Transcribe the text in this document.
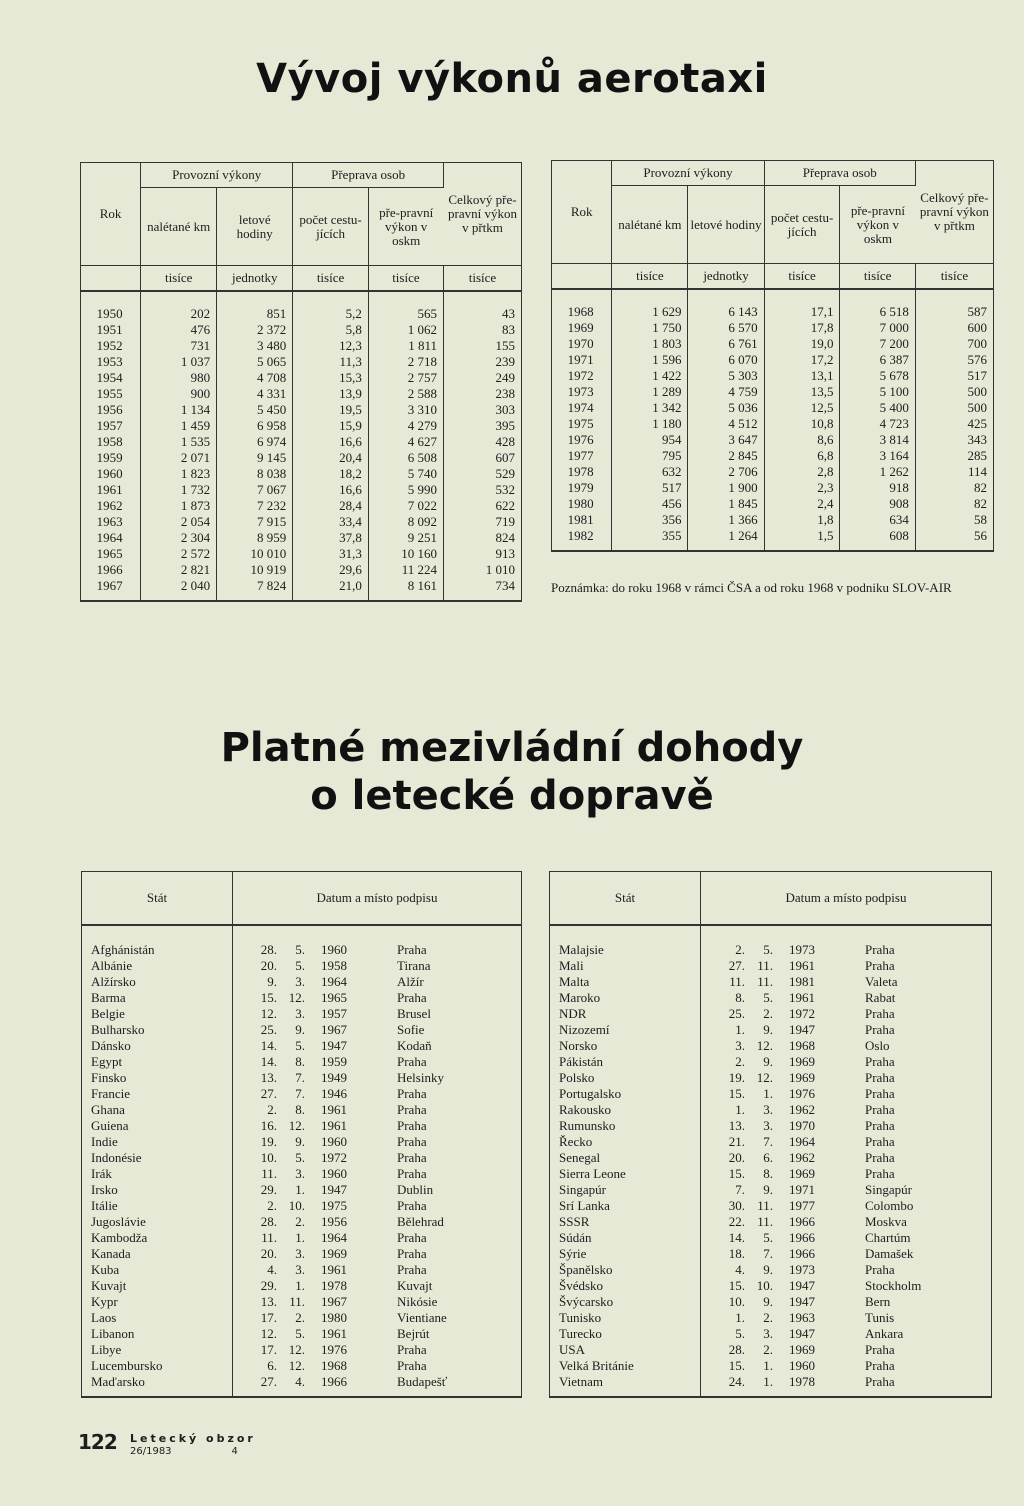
Vývoj výkonů aerotaxi
Rok	Provozní výkony		Přeprava osob		Celkový pře-pravní výkon v přtkm
	nalétané km	letové hodiny	počet cestu-jících	pře-pravní výkon v oskm	
	tisíce	jednotky	tisíce	tisíce	tisíce

1950	202	851	5,2	565	43
1951	476	2 372	5,8	1 062	83
1952	731	3 480	12,3	1 811	155
1953	1 037	5 065	11,3	2 718	239
1954	980	4 708	15,3	2 757	249
1955	900	4 331	13,9	2 588	238
1956	1 134	5 450	19,5	3 310	303
1957	1 459	6 958	15,9	4 279	395
1958	1 535	6 974	16,6	4 627	428
1959	2 071	9 145	20,4	6 508	607
1960	1 823	8 038	18,2	5 740	529
1961	1 732	7 067	16,6	5 990	532
1962	1 873	7 232	28,4	7 022	622
1963	2 054	7 915	33,4	8 092	719
1964	2 304	8 959	37,8	9 251	824
1965	2 572	10 010	31,3	10 160	913
1966	2 821	10 919	29,6	11 224	1 010
1967	2 040	7 824	21,0	8 161	734

Rok	Provozní výkony		Přeprava osob		Celkový pře-pravní výkon v přtkm
	nalétané km	letové hodiny	počet cestu-jících	pře-pravní výkon v oskm	
	tisíce	jednotky	tisíce	tisíce	tisíce

1968	1 629	6 143	17,1	6 518	587
1969	1 750	6 570	17,8	7 000	600
1970	1 803	6 761	19,0	7 200	700
1971	1 596	6 070	17,2	6 387	576
1972	1 422	5 303	13,1	5 678	517
1973	1 289	4 759	13,5	5 100	500
1974	1 342	5 036	12,5	5 400	500
1975	1 180	4 512	10,8	4 723	425
1976	954	3 647	8,6	3 814	343
1977	795	2 845	6,8	3 164	285
1978	632	2 706	2,8	1 262	114
1979	517	1 900	2,3	918	82
1980	456	1 845	2,4	908	82
1981	356	1 366	1,8	634	58
1982	355	1 264	1,5	608	56

Poznámka: do roku 1968 v rámci ČSA a od roku 1968 v podniku SLOV-AIR
Platné mezivládní dohody
o letecké dopravě
Stát	Datum a místo podpisu			

Afghánistán	28.	5.	1960	Praha
Albánie	20.	5.	1958	Tirana
Alžírsko	9.	3.	1964	Alžír
Barma	15.	12.	1965	Praha
Belgie	12.	3.	1957	Brusel
Bulharsko	25.	9.	1967	Sofie
Dánsko	14.	5.	1947	Kodaň
Egypt	14.	8.	1959	Praha
Finsko	13.	7.	1949	Helsinky
Francie	27.	7.	1946	Praha
Ghana	2.	8.	1961	Praha
Guiena	16.	12.	1961	Praha
Indie	19.	9.	1960	Praha
Indonésie	10.	5.	1972	Praha
Irák	11.	3.	1960	Praha
Irsko	29.	1.	1947	Dublin
Itálie	2.	10.	1975	Praha
Jugoslávie	28.	2.	1956	Bělehrad
Kambodža	11.	1.	1964	Praha
Kanada	20.	3.	1969	Praha
Kuba	4.	3.	1961	Praha
Kuvajt	29.	1.	1978	Kuvajt
Kypr	13.	11.	1967	Nikósie
Laos	17.	2.	1980	Vientiane
Libanon	12.	5.	1961	Bejrút
Libye	17.	12.	1976	Praha
Lucembursko	6.	12.	1968	Praha
Maďarsko	27.	4.	1966	Budapešť

Stát	Datum a místo podpisu			

Malajsie	2.	5.	1973	Praha
Mali	27.	11.	1961	Praha
Malta	11.	11.	1981	Valeta
Maroko	8.	5.	1961	Rabat
NDR	25.	2.	1972	Praha
Nizozemí	1.	9.	1947	Praha
Norsko	3.	12.	1968	Oslo
Pákistán	2.	9.	1969	Praha
Polsko	19.	12.	1969	Praha
Portugalsko	15.	1.	1976	Praha
Rakousko	1.	3.	1962	Praha
Rumunsko	13.	3.	1970	Praha
Řecko	21.	7.	1964	Praha
Senegal	20.	6.	1962	Praha
Sierra Leone	15.	8.	1969	Praha
Singapúr	7.	9.	1971	Singapúr
Srí Lanka	30.	11.	1977	Colombo
SSSR	22.	11.	1966	Moskva
Súdán	14.	5.	1966	Chartúm
Sýrie	18.	7.	1966	Damašek
Španělsko	4.	9.	1973	Praha
Švédsko	15.	10.	1947	Stockholm
Švýcarsko	10.	9.	1947	Bern
Tunisko	1.	2.	1963	Tunis
Turecko	5.	3.	1947	Ankara
USA	28.	2.	1969	Praha
Velká Británie	15.	1.	1960	Praha
Vietnam	24.	1.	1978	Praha

122 Letecký obzor
26/1983	4
